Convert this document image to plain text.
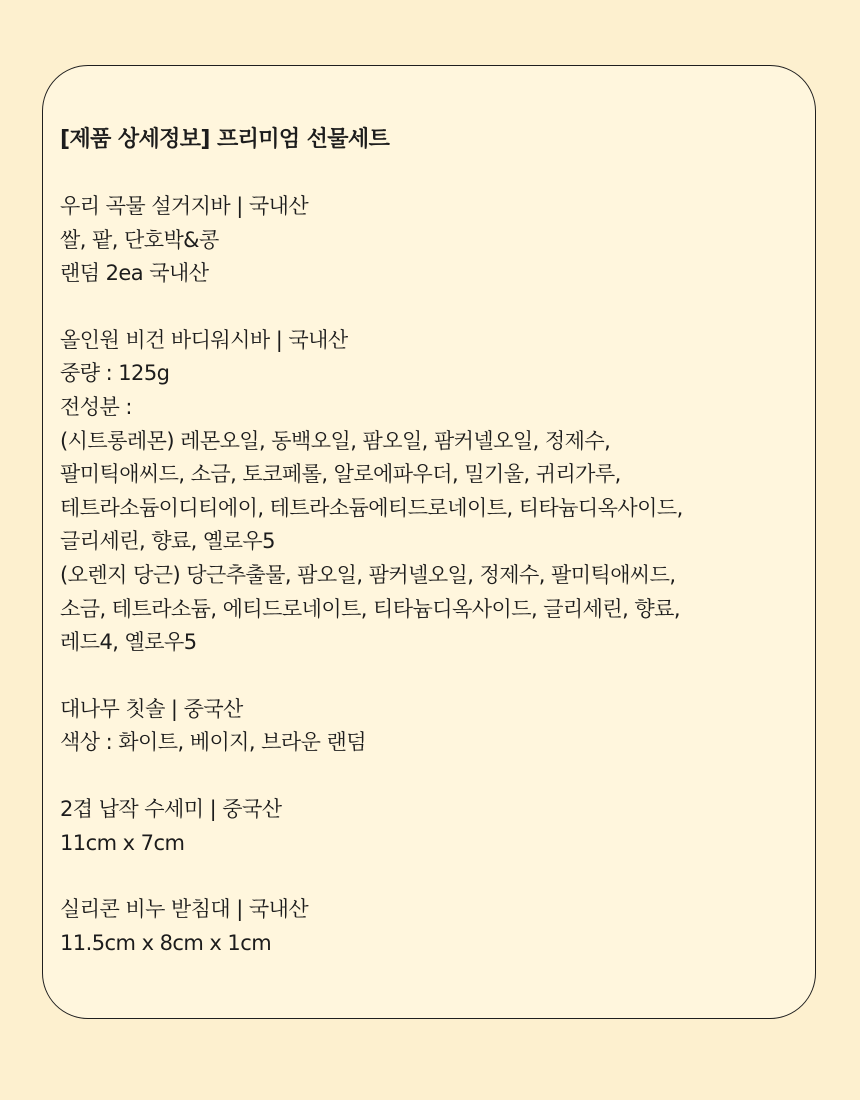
[제품 상세정보] 프리미엄 선물세트
우리 곡물 설거지바 | 국내산
쌀, 팥, 단호박&콩
랜덤 2ea 국내산
올인원 비건 바디워시바 | 국내산
중량 : 125g
전성분 :
(시트롱레몬) 레몬오일, 동백오일, 팜오일, 팜커넬오일, 정제수,
팔미틱애씨드, 소금, 토코페롤, 알로에파우더, 밀기울, 귀리가루,
테트라소듐이디티에이, 테트라소듐에티드로네이트, 티타늄디옥사이드,
글리세린, 향료, 옐로우5
(오렌지 당근) 당근추출물, 팜오일, 팜커넬오일, 정제수, 팔미틱애씨드,
소금, 테트라소듐, 에티드로네이트, 티타늄디옥사이드, 글리세린, 향료,
레드4, 옐로우5
대나무 칫솔 | 중국산
색상 : 화이트, 베이지, 브라운 랜덤
2겹 납작 수세미 | 중국산
11cm x 7cm
실리콘 비누 받침대 | 국내산
11.5cm x 8cm x 1cm
